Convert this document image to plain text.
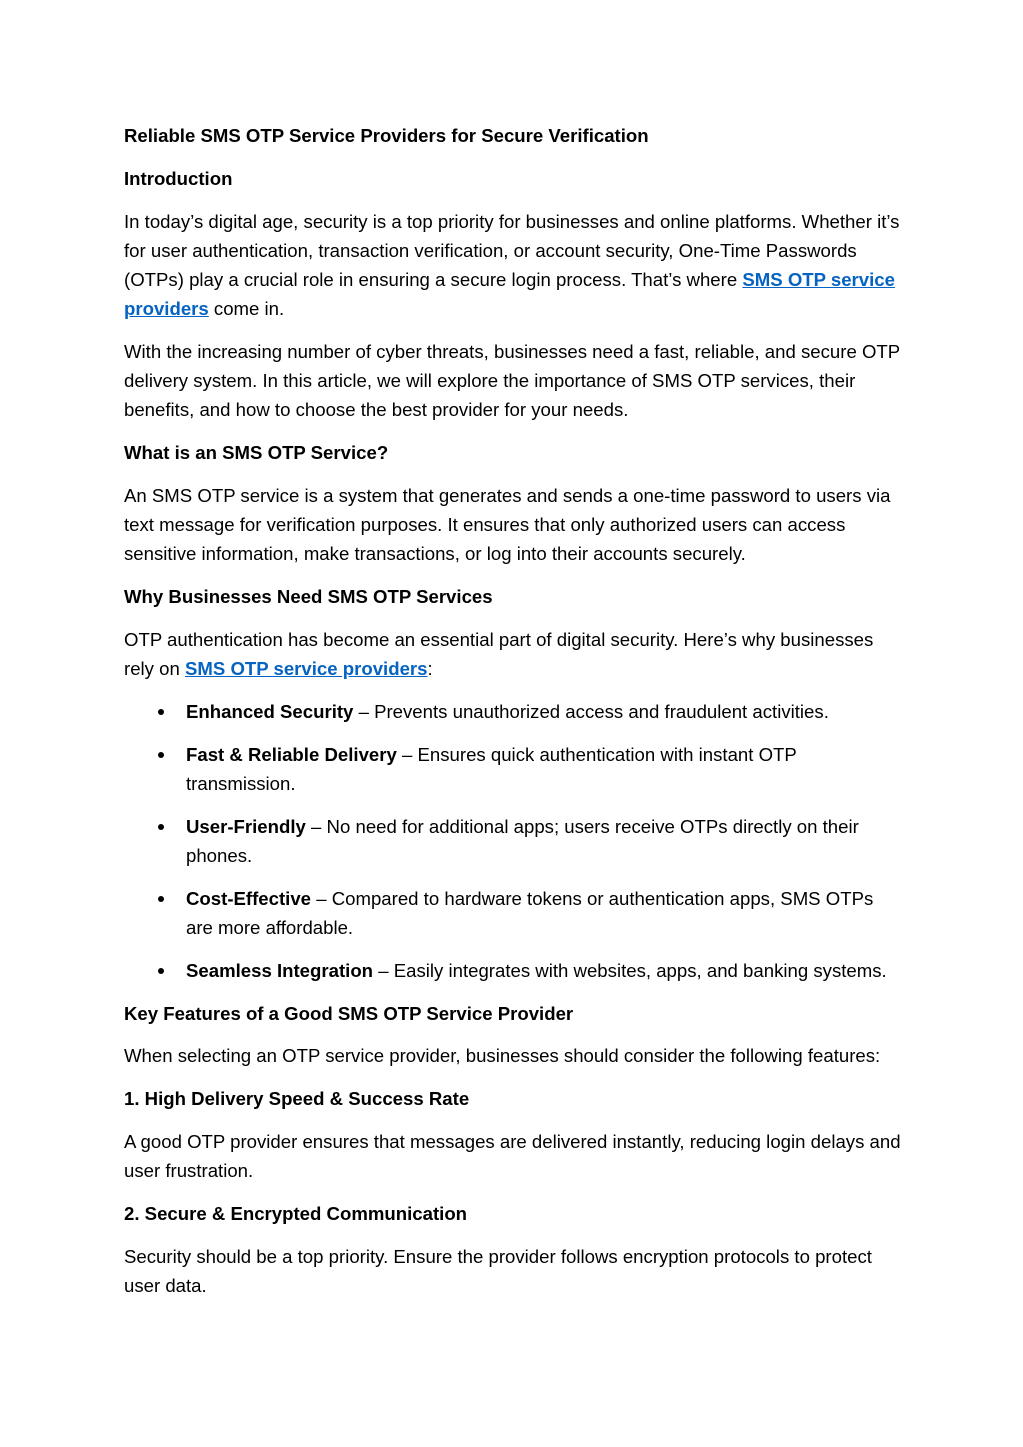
Reliable SMS OTP Service Providers for Secure Verification

Introduction

In today’s digital age, security is a top priority for businesses and online platforms. Whether it’s for user authentication, transaction verification, or account security, One-Time Passwords (OTPs) play a crucial role in ensuring a secure login process. That’s where SMS OTP service providers come in.

With the increasing number of cyber threats, businesses need a fast, reliable, and secure OTP delivery system. In this article, we will explore the importance of SMS OTP services, their benefits, and how to choose the best provider for your needs.

What is an SMS OTP Service?

An SMS OTP service is a system that generates and sends a one-time password to users via text message for verification purposes. It ensures that only authorized users can access sensitive information, make transactions, or log into their accounts securely.

Why Businesses Need SMS OTP Services

OTP authentication has become an essential part of digital security. Here’s why businesses rely on SMS OTP service providers:

Enhanced Security – Prevents unauthorized access and fraudulent activities.
Fast & Reliable Delivery – Ensures quick authentication with instant OTP transmission.
User-Friendly – No need for additional apps; users receive OTPs directly on their phones.
Cost-Effective – Compared to hardware tokens or authentication apps, SMS OTPs are more affordable.
Seamless Integration – Easily integrates with websites, apps, and banking systems.

Key Features of a Good SMS OTP Service Provider

When selecting an OTP service provider, businesses should consider the following features:

1. High Delivery Speed & Success Rate

A good OTP provider ensures that messages are delivered instantly, reducing login delays and user frustration.

2. Secure & Encrypted Communication

Security should be a top priority. Ensure the provider follows encryption protocols to protect user data.
